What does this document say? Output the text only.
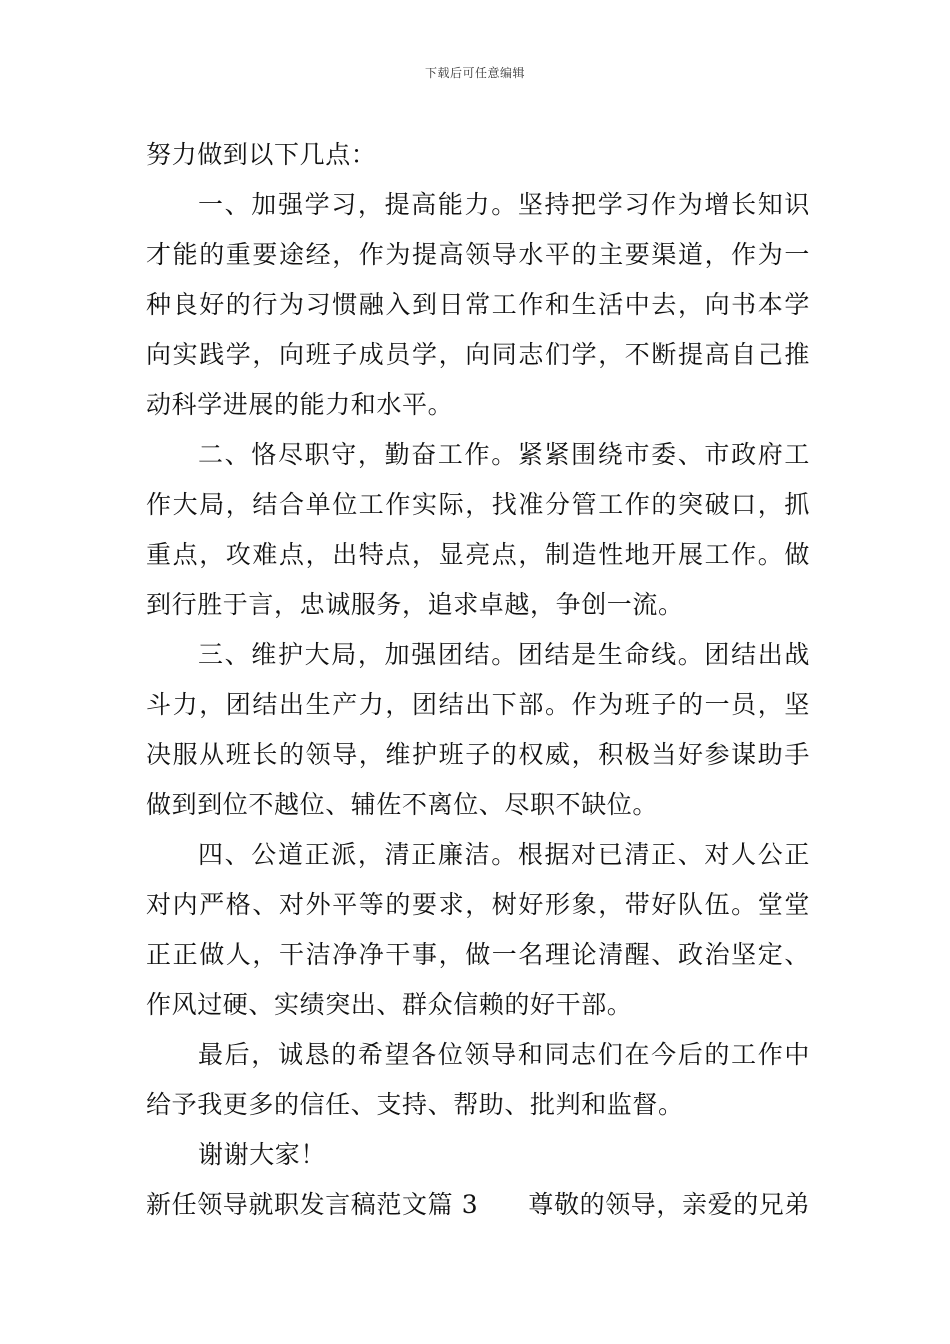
下载后可任意编辑
努力做到以下几点：
一、加强学习，提高能力。坚持把学习作为增长知识
才能的重要途经，作为提高领导水平的主要渠道，作为一
种良好的行为习惯融入到日常工作和生活中去，向书本学
向实践学，向班子成员学，向同志们学，不断提高自己推
动科学进展的能力和水平。
二、恪尽职守，勤奋工作。紧紧围绕市委、市政府工
作大局，结合单位工作实际，找准分管工作的突破口，抓
重点，攻难点，出特点，显亮点，制造性地开展工作。做
到行胜于言，忠诚服务，追求卓越，争创一流。
三、维护大局，加强团结。团结是生命线。团结出战
斗力，团结出生产力，团结出下部。作为班子的一员，坚
决服从班长的领导，维护班子的权威，积极当好参谋助手
做到到位不越位、辅佐不离位、尽职不缺位。
四、公道正派，清正廉洁。根据对已清正、对人公正
对内严格、对外平等的要求，树好形象，带好队伍。堂堂
正正做人，干洁净净干事，做一名理论清醒、政治坚定、
作风过硬、实绩突出、群众信赖的好干部。
最后，诚恳的希望各位领导和同志们在今后的工作中
给予我更多的信任、支持、帮助、批判和监督。
谢谢大家！
新任领导就职发言稿范文篇 3 尊敬的领导，亲爱的兄弟
